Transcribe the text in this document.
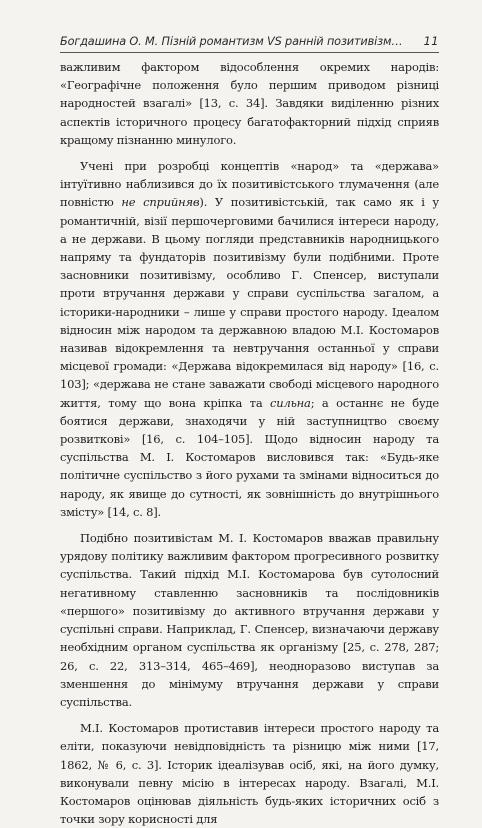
Богдашина О. М. Пізній романтизм VS ранній позитивізм… 11

важливим фактором відособлення окремих народів: «Географічне положення було першим приводом різниці народностей взагалі» [13, с. 34]. Завдяки виділенню різних аспектів історичного процесу багатофакторний підхід сприяв кращому пізнанню минулого.

Учені при розробці концептів «народ» та «держава» інтуїтивно наблизився до їх позитивістського тлумачення (але повністю не сприйняв). У позитивістській, так само як і у романтичній, візії першочерговими бачилися інтереси народу, а не держави. В цьому погляди представників народницького напряму та фундаторів позитивізму були подібними. Проте засновники позитивізму, особливо Г. Спенсер, виступали проти втручання держави у справи суспільства загалом, а історики-народники – лише у справи простого народу. Ідеалом відносин між народом та державною владою М.І. Костомаров називав відокремлення та невтручання останньої у справи місцевої громади: «Держава відокремилася від народу» [16, с. 103]; «держава не стане заважати свободі місцевого народного життя, тому що вона кріпка та сильна; а останнє не буде боятися держави, знаходячи у ній заступництво своєму розвиткові» [16, с. 104–105]. Щодо відносин народу та суспільства М. І. Костомаров висловився так: «Будь-яке політичне суспільство з його рухами та змінами відноситься до народу, як явище до сутності, як зовнішність до внутрішнього змісту» [14, с. 8].

Подібно позитивістам М. І. Костомаров вважав правильну урядову політику важливим фактором прогресивного розвитку суспільства. Такий підхід М.І. Костомарова був сутолосний негативному ставленню засновників та послідовників «першого» позитивізму до активного втручання держави у суспільні справи. Наприклад, Г. Спенсер, визначаючи державу необхідним органом суспільства як організму [25, с. 278, 287; 26, с. 22, 313–314, 465–469], неодноразово виступав за зменшення до мінімуму втручання держави у справи суспільства.

М.І. Костомаров протиставив інтереси простого народу та еліти, показуючи невідповідність та різницю між ними [17, 1862, № 6, с. 3]. Історик ідеалізував осіб, які, на його думку, виконували певну місію в інтересах народу. Взагалі, М.І. Костомаров оцінював діяльність будь-яких історичних осіб з точки зору корисності для
